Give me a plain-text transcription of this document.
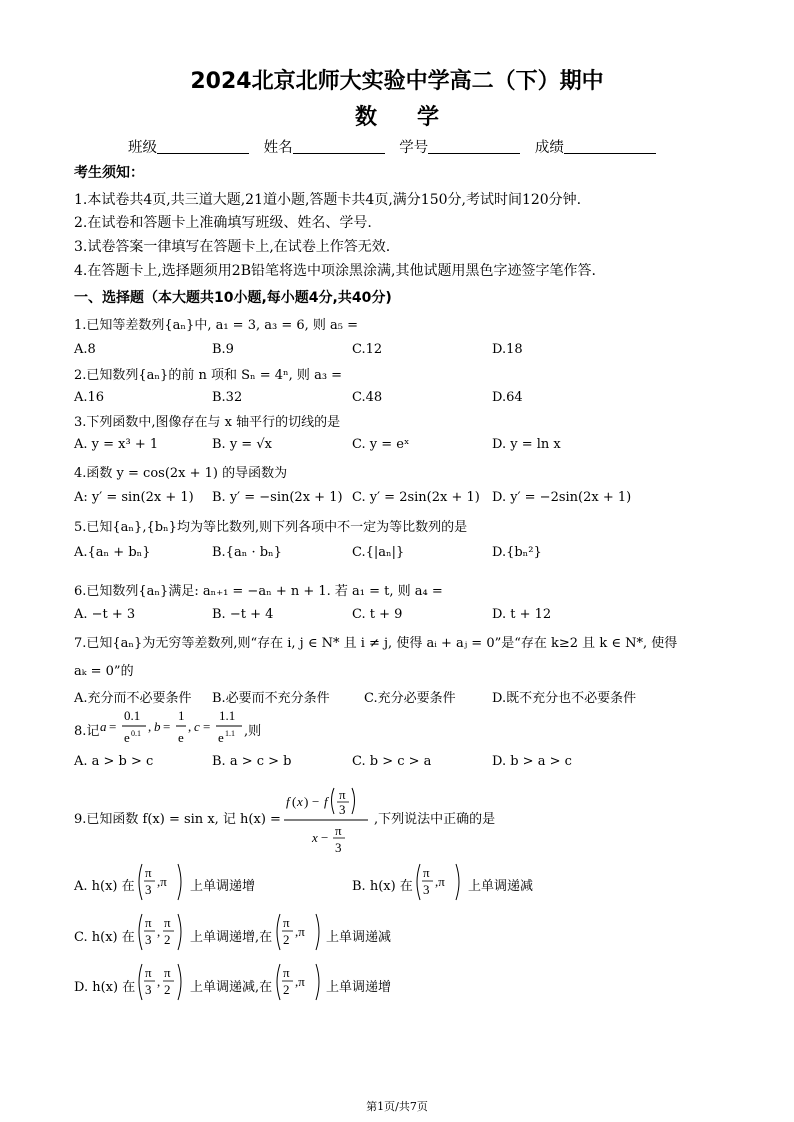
2024北京北师大实验中学高二（下）期中
数学
班级	姓名	学号	成绩
考生须知：
1.本试卷共4页,共三道大题,21道小题,答题卡共4页,满分150分,考试时间120分钟.
2.在试卷和答题卡上准确填写班级、姓名、学号.
3.试卷答案一律填写在答题卡上,在试卷上作答无效.
4.在答题卡上,选择题须用2B铅笔将选中项涂黑涂满,其他试题用黑色字迹签字笔作答.
一、选择题（本大题共10小题,每小题4分,共40分)
1.已知等差数列{aₙ}中, a₁ = 3, a₃ = 6, 则 a₅ =
A.8	B.9	C.12	D.18
2.已知数列{aₙ}的前 n 项和 Sₙ = 4ⁿ, 则 a₃ =
A.16	B.32	C.48	D.64
3.下列函数中,图像存在与 x 轴平行的切线的是
A. y = x³ + 1	B. y = √x	C. y = eˣ	D. y = ln x
4.函数 y = cos(2x + 1) 的导函数为
A: y′ = sin(2x + 1) B. y′ = −sin(2x + 1) C. y′ = 2sin(2x + 1) D. y′ = −2sin(2x + 1)
5.已知{aₙ},{bₙ}均为等比数列,则下列各项中不一定为等比数列的是
A.{aₙ + bₙ}	B.{aₙ · bₙ}	C.{|aₙ|}	D.{bₙ²}
6.已知数列{aₙ}满足: aₙ₊₁ = −aₙ + n + 1. 若 a₁ = t, 则 a₄ =
A. −t + 3	B. −t + 4	C. t + 9	D. t + 12
7.已知{aₙ}为无穷等差数列,则“存在 i, j ∈ N* 且 i ≠ j, 使得 aᵢ + aⱼ = 0”是“存在 k≥2 且 k ∈ N*, 使得
aₖ = 0”的
A.充分而不必要条件 B.必要而不充分条件	C.充分必要条件	D.既不充分也不必要条件
8.记 a =
0.1
e 0.1 , b =
1
e
, c =
1.1
e 1.1 ,则
A. a > b > c	B. a > c > b	C. b > c > a	D. b > a > c
9.已知函数 f(x) = sin x, 记 h(x) =
f ( x ) − f π
3
x − π
3
,下列说法中正确的是
A. h(x) 在
π
3
,π 上单调递增	B. h(x) 在
π
3
,π 上单调递减
C. h(x) 在
π
3
,
π
2 上单调递增,在
π
2
,π 上单调递减
D. h(x) 在
π
3
,
π
2 上单调递减,在
π
2
,π 上单调递增
第1页/共7页
